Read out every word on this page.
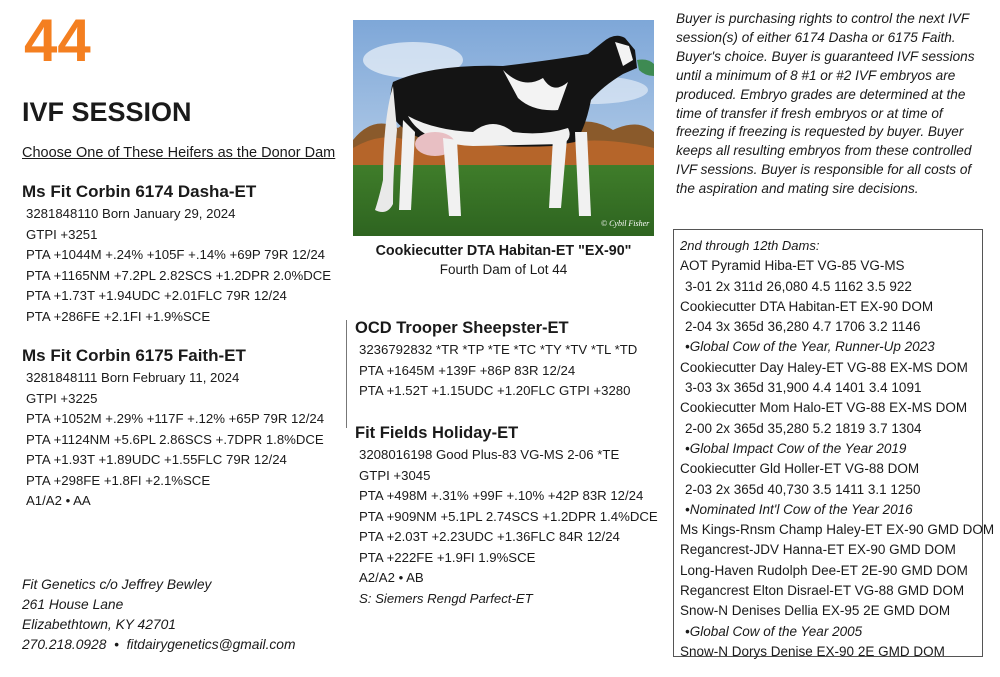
44
IVF SESSION
Choose One of These Heifers as the Donor Dam
Ms Fit Corbin 6174 Dasha-ET
3281848110 Born January 29, 2024
GTPI +3251
PTA +1044M +.24% +105F +.14% +69P 79R 12/24
PTA +1165NM +7.2PL 2.82SCS +1.2DPR 2.0%DCE
PTA +1.73T +1.94UDC +2.01FLC 79R 12/24
PTA +286FE +2.1FI +1.9%SCE
Ms Fit Corbin 6175 Faith-ET
3281848111 Born February 11, 2024
GTPI +3225
PTA +1052M +.29% +117F +.12% +65P 79R 12/24
PTA +1124NM +5.6PL 2.86SCS +.7DPR 1.8%DCE
PTA +1.93T +1.89UDC +1.55FLC 79R 12/24
PTA +298FE +1.8FI +2.1%SCE
A1/A2 • AA
© Cybil Fisher
Cookiecutter DTA Habitan-ET "EX-90"
Fourth Dam of Lot 44
OCD Trooper Sheepster-ET
3236792832 *TR *TP *TE *TC *TY *TV *TL *TD
PTA +1645M +139F +86P 83R 12/24
PTA +1.52T +1.15UDC +1.20FLC GTPI +3280
Fit Fields Holiday-ET
3208016198 Good Plus-83 VG-MS 2-06 *TE
GTPI +3045
PTA +498M +.31% +99F +.10% +42P 83R 12/24
PTA +909NM +5.1PL 2.74SCS +1.2DPR 1.4%DCE
PTA +2.03T +2.23UDC +1.36FLC 84R 12/24
PTA +222FE +1.9FI 1.9%SCE
A2/A2 • AB
S: Siemers Rengd Parfect-ET
Buyer is purchasing rights to control the next IVF session(s) of either 6174 Dasha or 6175 Faith. Buyer's choice. Buyer is guaranteed IVF sessions until a minimum of 8 #1 or #2 IVF embryos are produced. Embryo grades are determined at the time of transfer if fresh embryos or at time of freezing if freezing is requested by buyer. Buyer keeps all resulting embryos from these controlled IVF sessions. Buyer is responsible for all costs of the aspiration and mating sire decisions.
2nd through 12th Dams:
AOT Pyramid Hiba-ET VG-85 VG-MS
3-01 2x 311d 26,080 4.5 1162 3.5 922
Cookiecutter DTA Habitan-ET EX-90 DOM
2-04 3x 365d 36,280 4.7 1706 3.2 1146
•Global Cow of the Year, Runner-Up 2023
Cookiecutter Day Haley-ET VG-88 EX-MS DOM
3-03 3x 365d 31,900 4.4 1401 3.4 1091
Cookiecutter Mom Halo-ET VG-88 EX-MS DOM
2-00 2x 365d 35,280 5.2 1819 3.7 1304
•Global Impact Cow of the Year 2019
Cookiecutter Gld Holler-ET VG-88 DOM
2-03 2x 365d 40,730 3.5 1411 3.1 1250
•Nominated Int'l Cow of the Year 2016
Ms Kings-Rnsm Champ Haley-ET EX-90 GMD DOM
Regancrest-JDV Hanna-ET EX-90 GMD DOM
Long-Haven Rudolph Dee-ET 2E-90 GMD DOM
Regancrest Elton Disrael-ET VG-88 GMD DOM
Snow-N Denises Dellia EX-95 2E GMD DOM
•Global Cow of the Year 2005
Snow-N Dorys Denise EX-90 2E GMD DOM
Fit Genetics c/o Jeffrey Bewley
261 House Lane
Elizabethtown, KY 42701
270.218.0928  •  fitdairygenetics@gmail.com
